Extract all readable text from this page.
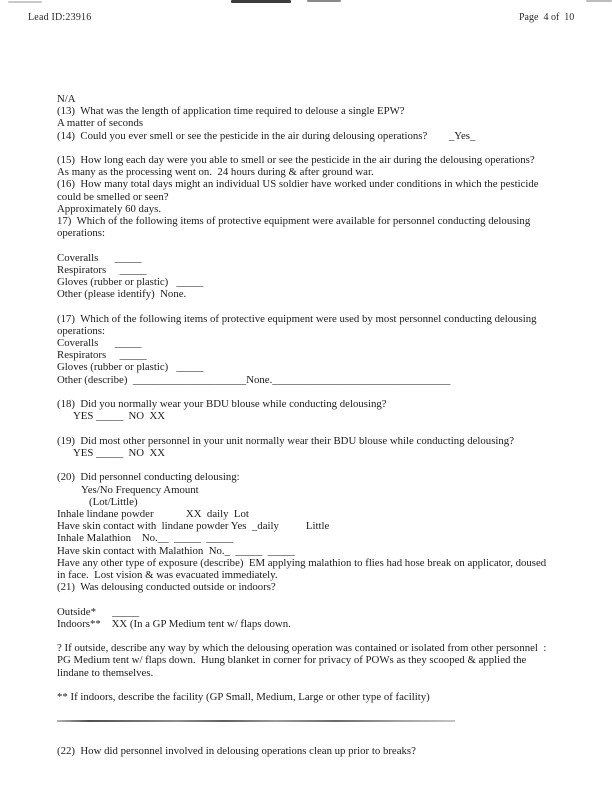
Lead ID:23916	Page  4 of  10
N/A
(13)  What was the length of application time required to delouse a single EPW?
A matter of seconds
(14)  Could you ever smell or see the pesticide in the air during delousing operations?        _Yes_

(15)  How long each day were you able to smell or see the pesticide in the air during the delousing operations?
As many as the processing went on.  24 hours during & after ground war.
(16)  How many total days might an individual US soldier have worked under conditions in which the pesticide
could be smelled or seen?
Approximately 60 days.
17)  Which of the following items of protective equipment were available for personnel conducting delousing
operations:

Coveralls      _____
Respirators     _____
Gloves (rubber or plastic)   _____
Other (please identify)  None.

(17)  Which of the following items of protective equipment were used by most personnel conducting delousing
operations:
Coveralls      _____
Respirators     _____
Gloves (rubber or plastic)   _____
Other (describe)  _____________________None._________________________________

(18)  Did you normally wear your BDU blouse while conducting delousing?
YES _____  NO  XX

(19)  Did most other personnel in your unit normally wear their BDU blouse while conducting delousing?
YES _____  NO  XX

(20)  Did personnel conducting delousing:
Yes/No Frequency Amount
(Lot/Little)
Inhale lindane powder            XX  daily  Lot
Have skin contact with  lindane powder Yes  _daily          Little
Inhale Malathion    No.__  _____  _____
Have skin contact with Malathion  No._  _____  _____
Have any other type of exposure (describe)  EM applying malathion to flies had hose break on applicator, doused
in face.  Lost vision & was evacuated immediately.
(21)  Was delousing conducted outside or indoors?

Outside*      _____
Indoors**    XX (In a GP Medium tent w/ flaps down.

? If outside, describe any way by which the delousing operation was contained or isolated from other personnel  :
PG Medium tent w/ flaps down.  Hung blanket in corner for privacy of POWs as they scooped & applied the
lindane to themselves.

** If indoors, describe the facility (GP Small, Medium, Large or other type of facility)

(22)  How did personnel involved in delousing operations clean up prior to breaks?
